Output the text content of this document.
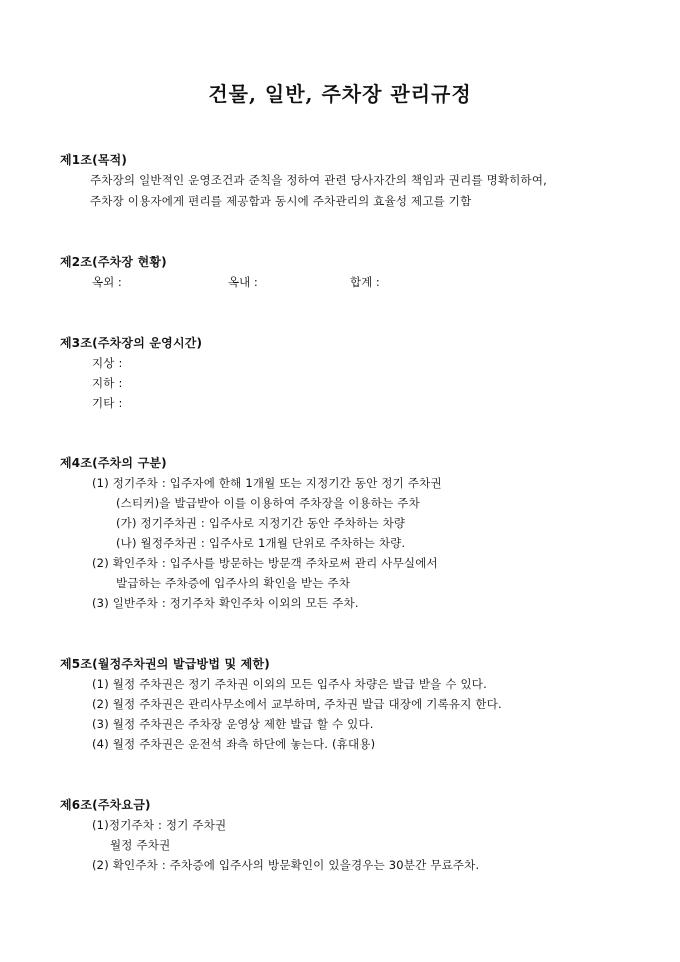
건물, 일반, 주차장 관리규정
제1조(목적)
주차장의 일반적인 운영조건과 준칙을 정하여 관련 당사자간의 책임과 권리를 명확히하여,
주차장 이용자에게 편리를 제공함과 동시에 주차관리의 효율성 제고를 기함
제2조(주차장 현황)
옥외 :	옥내 :	합계 :
제3조(주차장의 운영시간)
지상 :
지하 :
기타 :
제4조(주차의 구분)
(1) 정기주차 : 입주자에 한해 1개월 또는 지정기간 동안 정기 주차권
(스티커)을 발급받아 이를 이용하여 주차장을 이용하는 주차
(가) 정기주차권 : 입주사로 지정기간 동안 주차하는 차량
(나) 월정주차권 : 입주사로 1개월 단위로 주차하는 차량.
(2) 확인주차 : 입주사를 방문하는 방문객 주차로써 관리 사무실에서
발급하는 주차증에 입주사의 확인을 받는 주차
(3) 일반주차 : 정기주차 확인주차 이외의 모든 주차.
제5조(월정주차권의 발급방법 및 제한)
(1) 월정 주차권은 정기 주차권 이외의 모든 입주사 차량은 발급 받을 수 있다.
(2) 월정 주차권은 관리사무소에서 교부하며, 주차권 발급 대장에 기록유지 한다.
(3) 월정 주차권은 주차장 운영상 제한 발급 할 수 있다.
(4) 월정 주차권은 운전석 좌측 하단에 놓는다. (휴대용)
제6조(주차요금)
(1)정기주차 : 정기 주차권
월정 주차권
(2) 확인주차 : 주차증에 입주사의 방문확인이 있을경우는 30분간 무료주차.
